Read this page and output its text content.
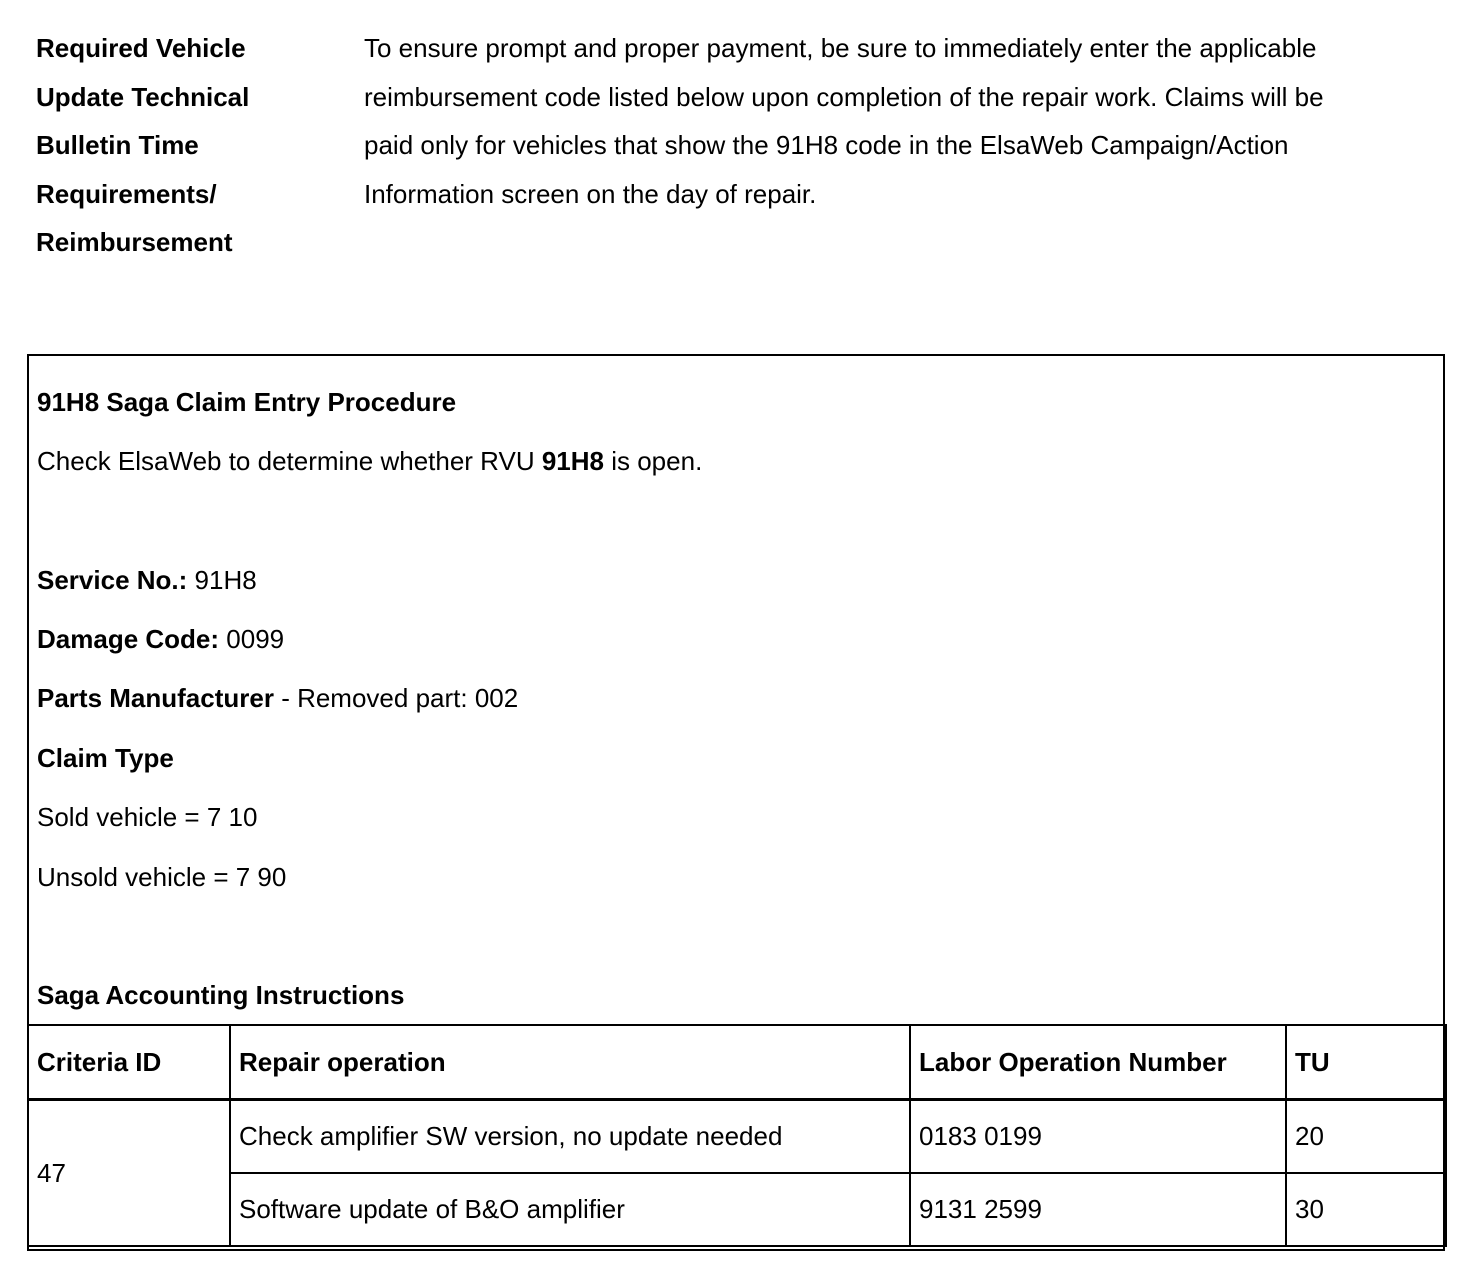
Required Vehicle
Update Technical
Bulletin Time
Requirements/
Reimbursement
To ensure prompt and proper payment, be sure to immediately enter the applicable
reimbursement code listed below upon completion of the repair work. Claims will be
paid only for vehicles that show the 91H8 code in the ElsaWeb Campaign/Action
Information screen on the day of repair.
91H8 Saga Claim Entry Procedure
Check ElsaWeb to determine whether RVU 91H8 is open.
Service No.: 91H8
Damage Code: 0099
Parts Manufacturer - Removed part: 002
Claim Type
Sold vehicle = 7 10
Unsold vehicle = 7 90
Saga Accounting Instructions
Criteria ID	Repair operation	Labor Operation Number	TU
47	Check amplifier SW version, no update needed	0183 0199	20
	Software update of B&O amplifier	9131 2599	30
